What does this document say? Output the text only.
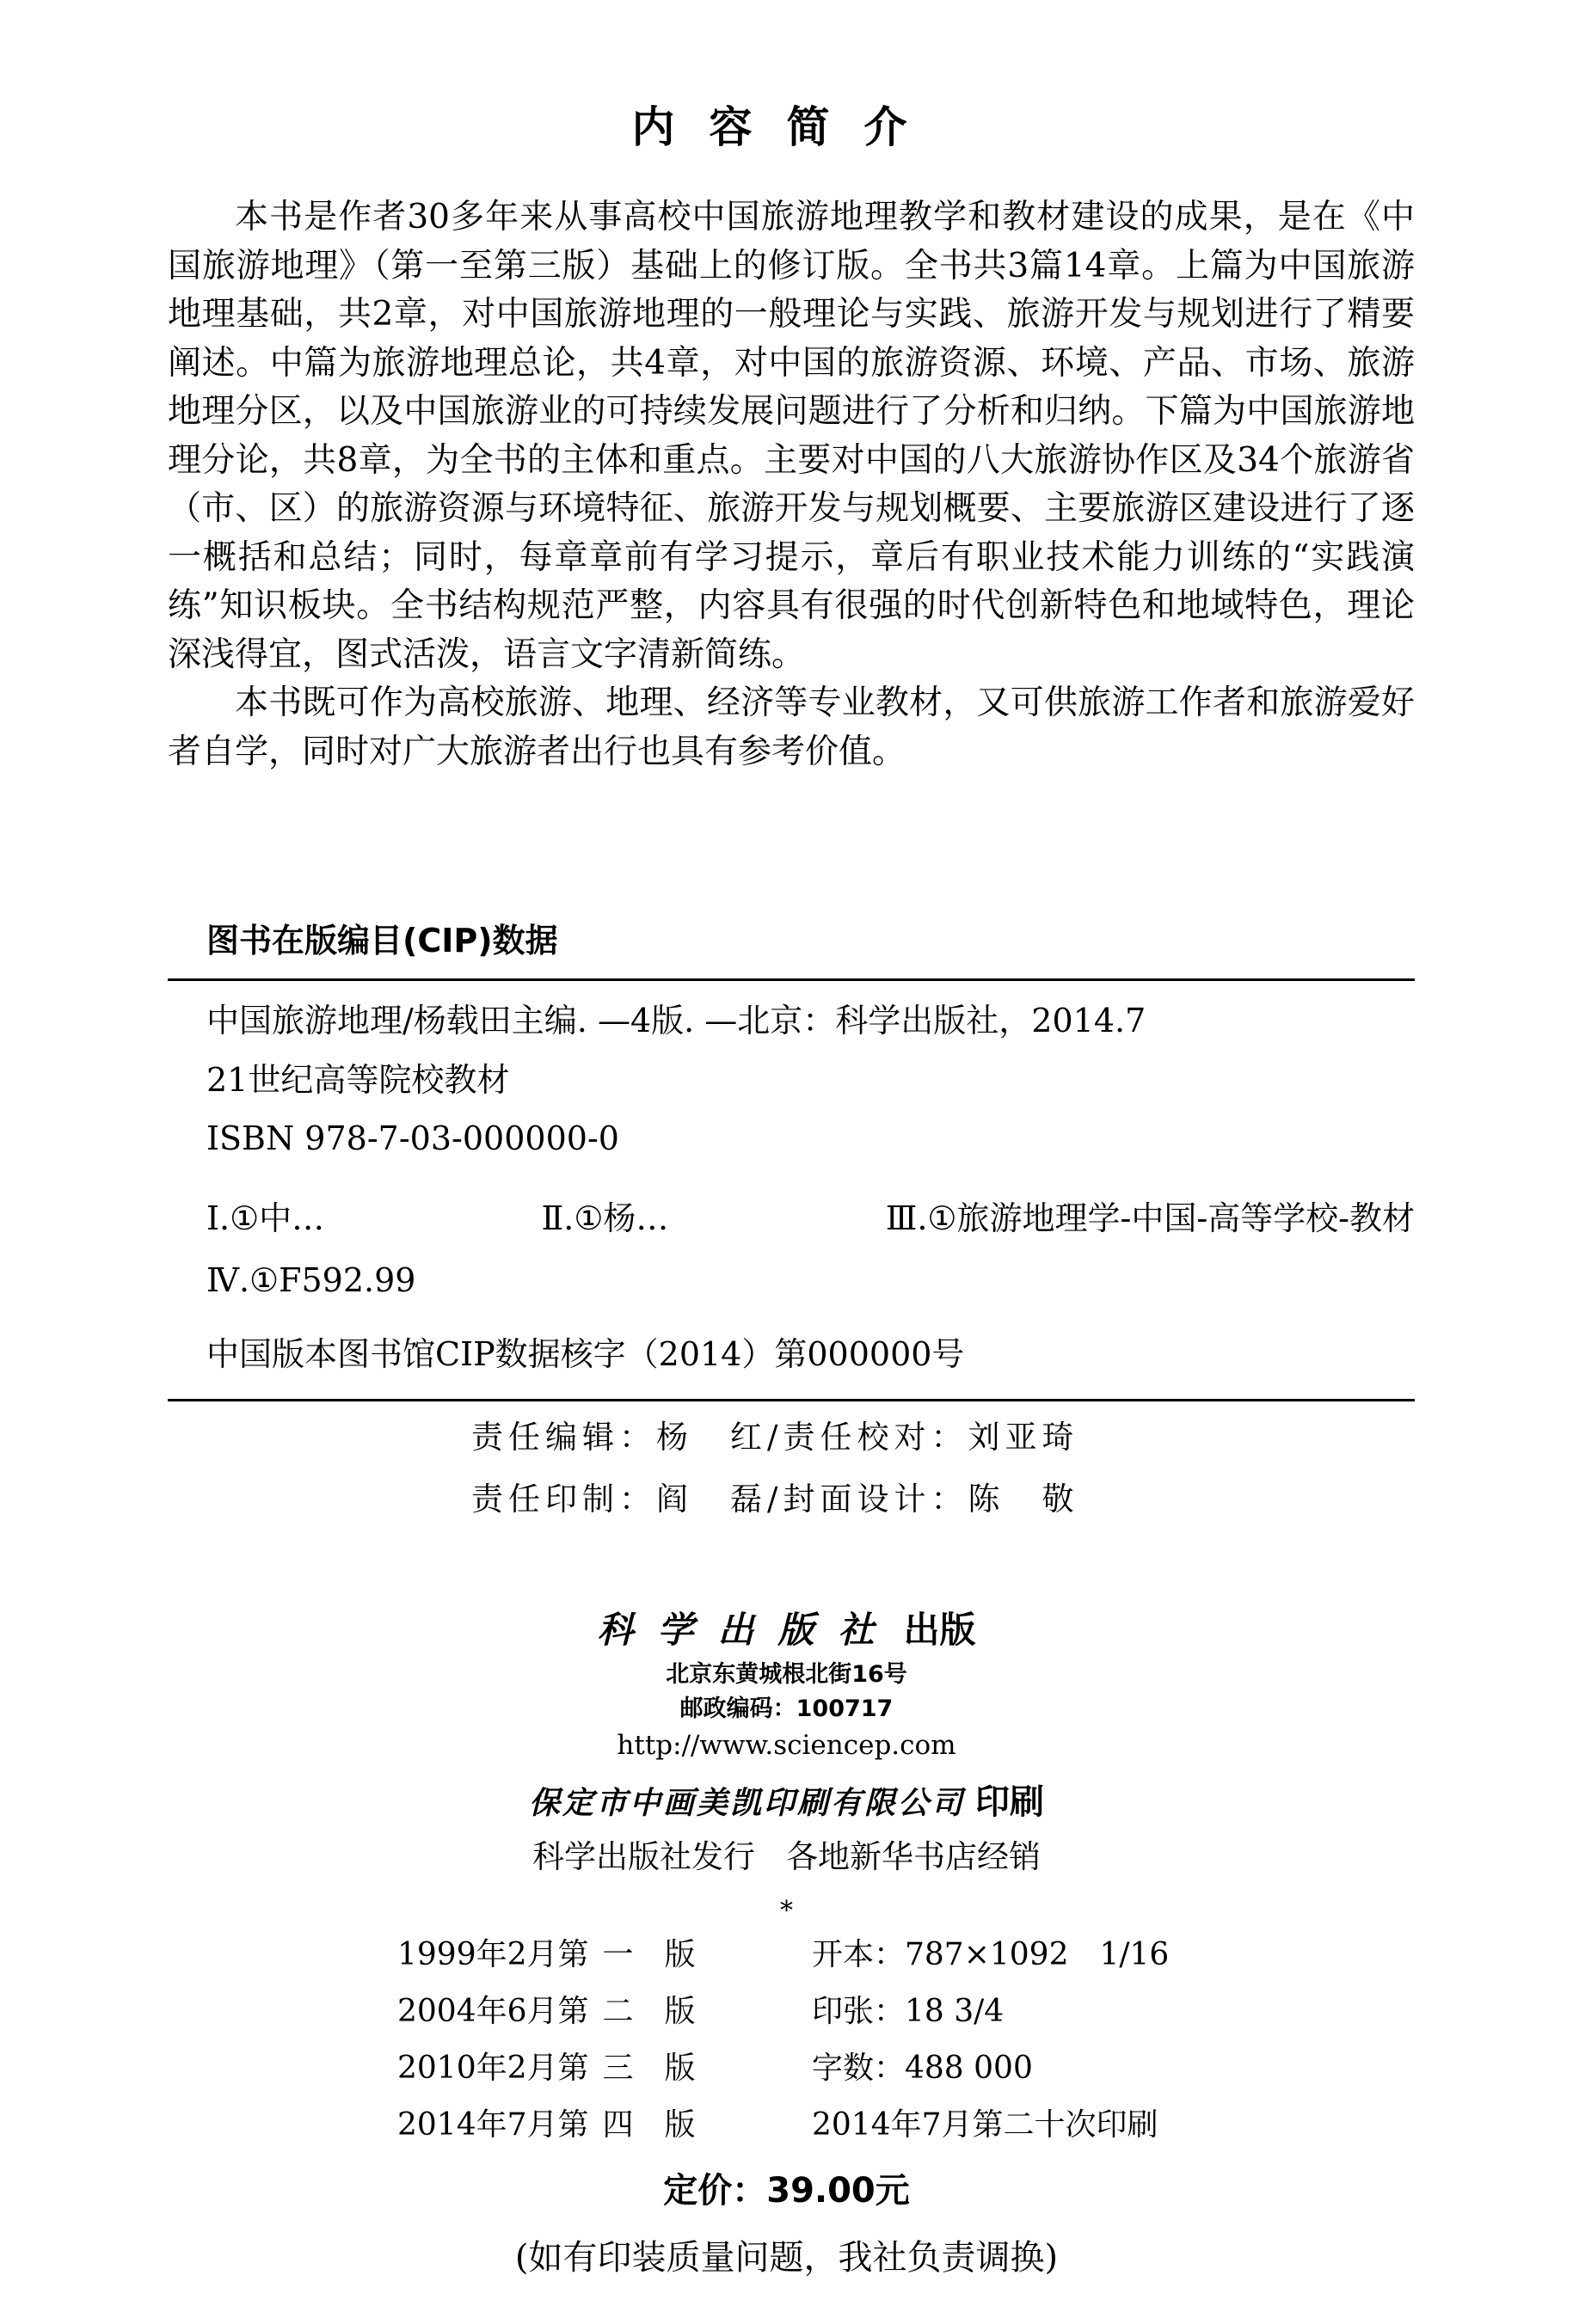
内容简介

本书是作者30多年来从事高校中国旅游地理教学和教材建设的成果，是在《中国旅游地理》（第一至第三版）基础上的修订版。全书共3篇14章。上篇为中国旅游地理基础，共2章，对中国旅游地理的一般理论与实践、旅游开发与规划进行了精要阐述。中篇为旅游地理总论，共4章，对中国的旅游资源、环境、产品、市场、旅游地理分区，以及中国旅游业的可持续发展问题进行了分析和归纳。下篇为中国旅游地理分论，共8章，为全书的主体和重点。主要对中国的八大旅游协作区及34个旅游省（市、区）的旅游资源与环境特征、旅游开发与规划概要、主要旅游区建设进行了逐一概括和总结；同时，每章章前有学习提示，章后有职业技术能力训练的“实践演练”知识板块。全书结构规范严整，内容具有很强的时代创新特色和地域特色，理论深浅得宜，图式活泼，语言文字清新简练。

本书既可作为高校旅游、地理、经济等专业教材，又可供旅游工作者和旅游爱好者自学，同时对广大旅游者出行也具有参考价值。

图书在版编目(CIP)数据
中国旅游地理/杨载田主编. —4版. —北京：科学出版社，2014.7
21世纪高等院校教材
ISBN 978-7-03-000000-0
Ⅰ.①中…	Ⅱ.①杨…	Ⅲ.①旅游地理学-中国-高等学校-教材
Ⅳ.①F592.99
中国版本图书馆CIP数据核字（2014）第000000号
责任编辑：杨　红/责任校对：刘亚琦
责任印制：阎　磊/封面设计：陈　敬
科学出版社 出版
北京东黄城根北街16号
邮政编码：100717
http://www.sciencep.com
保定市中画美凯印刷有限公司 印刷
科学出版社发行 各地新华书店经销
*
1999年2月第 一版	开本：787×1092　1/16
2004年6月第 二版	印张：18 3/4
2010年2月第 三版	字数：488 000
2014年7月第 四版	2014年7月第二十次印刷
定价：39.00元
(如有印装质量问题，我社负责调换)
